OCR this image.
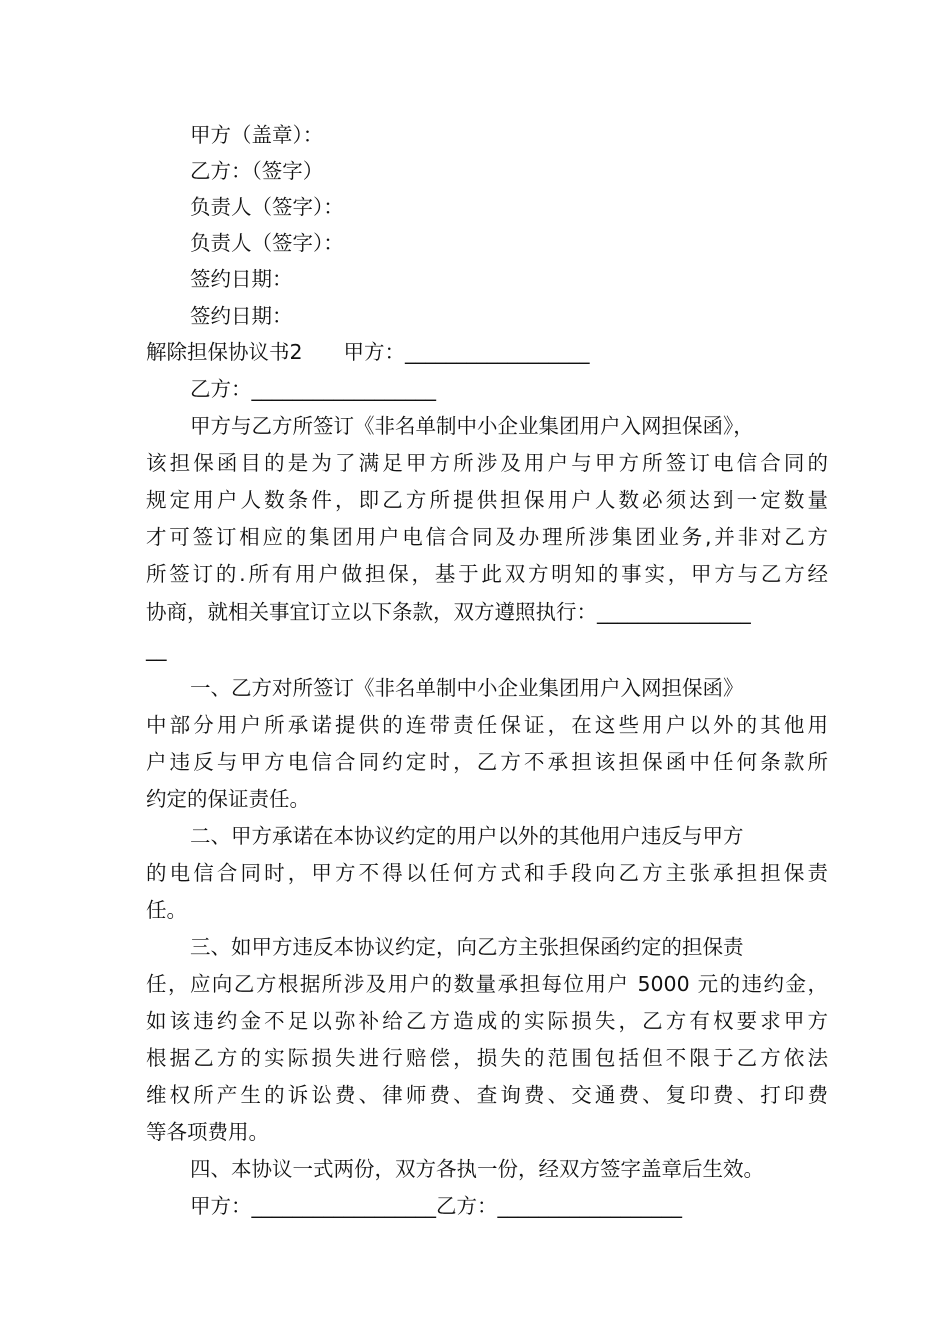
甲方（盖章）：
乙方：（签字）
负责人（签字）：
负责人（签字）：
签约日期：
签约日期：
解除担保协议书2　　甲方：__________________
乙方：__________________
甲方与乙方所签订《非名单制中小企业集团用户入网担保函》，
该担保函目的是为了满足甲方所涉及用户与甲方所签订电信合同的
规定用户人数条件，即乙方所提供担保用户人数必须达到一定数量
才可签订相应的集团用户电信合同及办理所涉集团业务,并非对乙方
所签订的.所有用户做担保，基于此双方明知的事实，甲方与乙方经
协商，就相关事宜订立以下条款，双方遵照执行：_______________
__
一、乙方对所签订《非名单制中小企业集团用户入网担保函》
中部分用户所承诺提供的连带责任保证，在这些用户以外的其他用
户违反与甲方电信合同约定时，乙方不承担该担保函中任何条款所
约定的保证责任。
二、甲方承诺在本协议约定的用户以外的其他用户违反与甲方
的电信合同时，甲方不得以任何方式和手段向乙方主张承担担保责
任。
三、如甲方违反本协议约定，向乙方主张担保函约定的担保责
任，应向乙方根据所涉及用户的数量承担每位用户 5000 元的违约金，
如该违约金不足以弥补给乙方造成的实际损失，乙方有权要求甲方
根据乙方的实际损失进行赔偿，损失的范围包括但不限于乙方依法
维权所产生的诉讼费、律师费、查询费、交通费、复印费、打印费
等各项费用。
四、本协议一式两份，双方各执一份，经双方签字盖章后生效。
甲方：__________________乙方：__________________
